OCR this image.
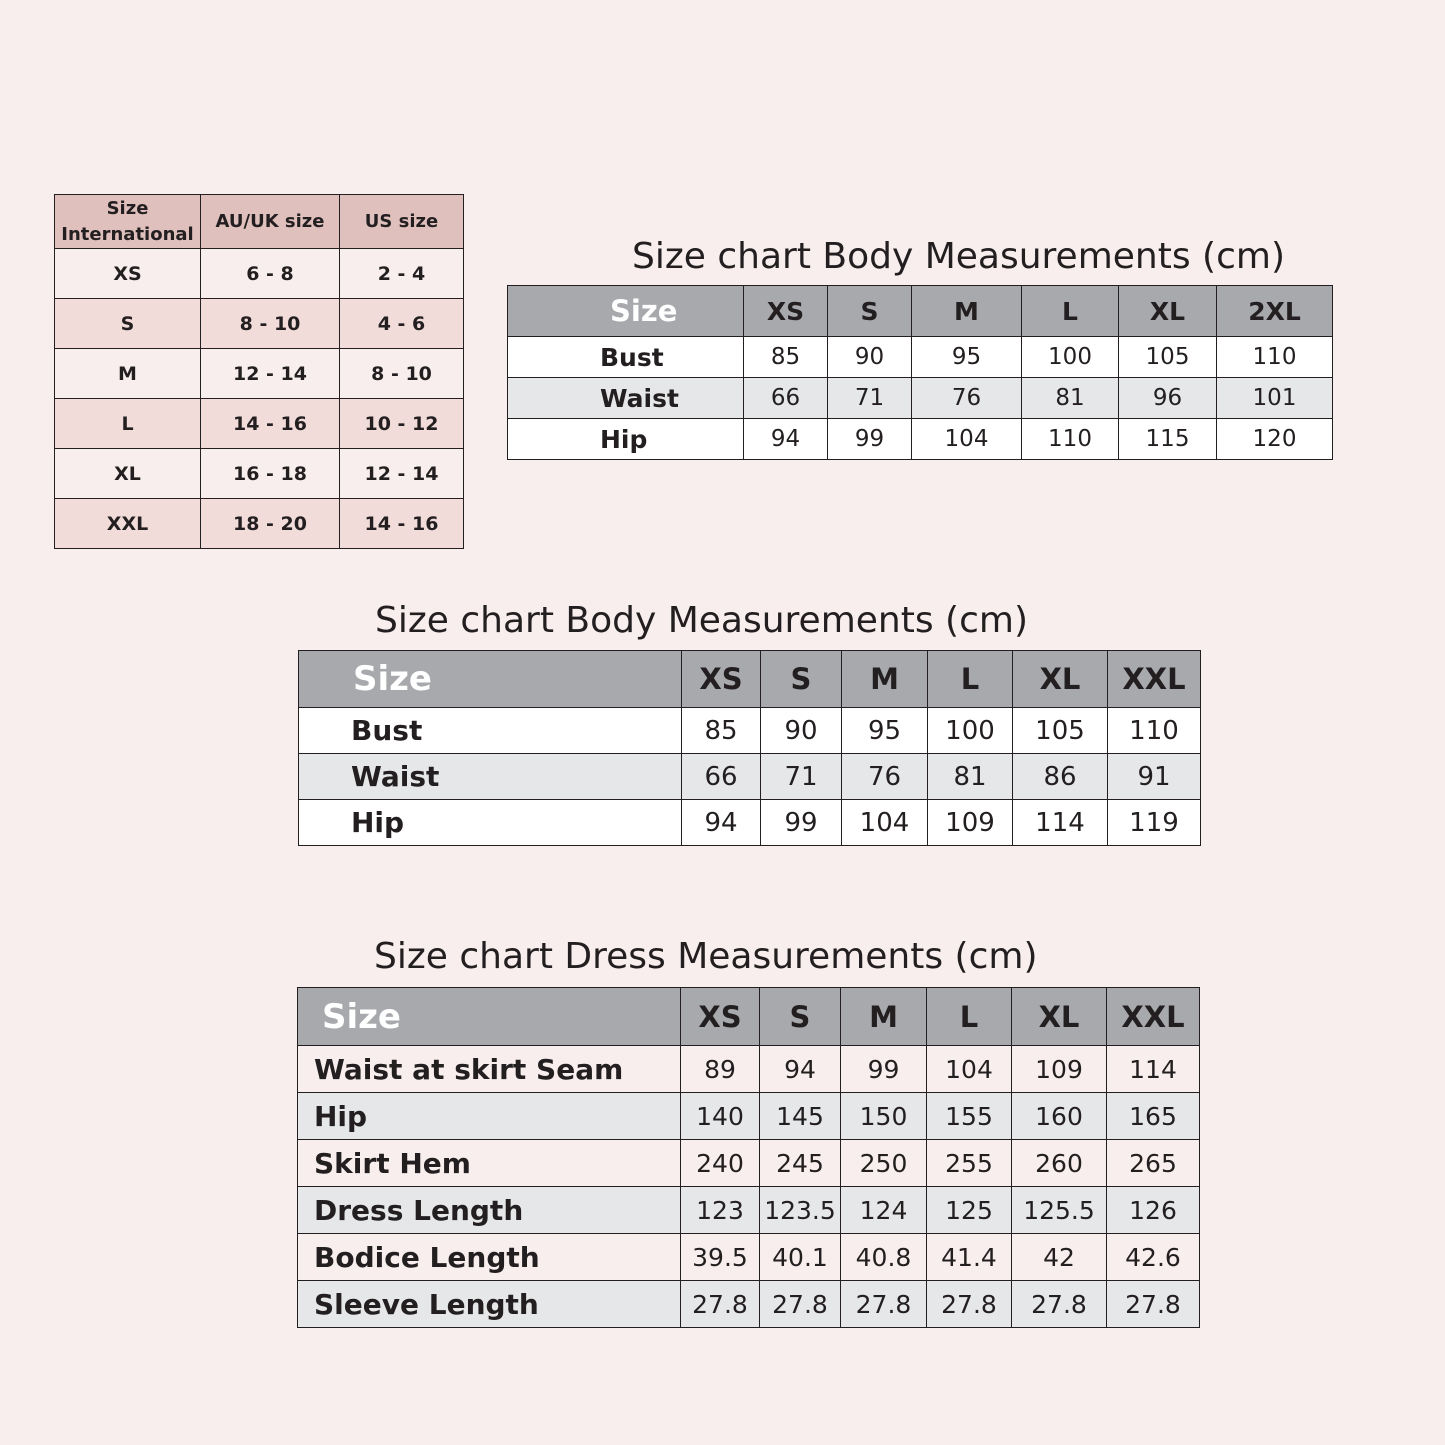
Size International	AU/UK size	US size
XS	6 - 8	2 - 4
S	8 - 10	4 - 6
M	12 - 14	8 - 10
L	14 - 16	10 - 12
XL	16 - 18	12 - 14
XXL	18 - 20	14 - 16
Size chart Body Measurements (cm)
Size	XS	S	M	L	XL	2XL
Bust	85	90	95	100	105	110
Waist	66	71	76	81	96	101
Hip	94	99	104	110	115	120
Size chart Body Measurements (cm)
Size	XS	S	M	L	XL	XXL
Bust	85	90	95	100	105	110
Waist	66	71	76	81	86	91
Hip	94	99	104	109	114	119
Size chart Dress Measurements (cm)
Size	XS	S	M	L	XL	XXL
Waist at skirt Seam	89	94	99	104	109	114
Hip	140	145	150	155	160	165
Skirt Hem	240	245	250	255	260	265
Dress Length	123	123.5	124	125	125.5	126
Bodice Length	39.5	40.1	40.8	41.4	42	42.6
Sleeve Length	27.8	27.8	27.8	27.8	27.8	27.8
